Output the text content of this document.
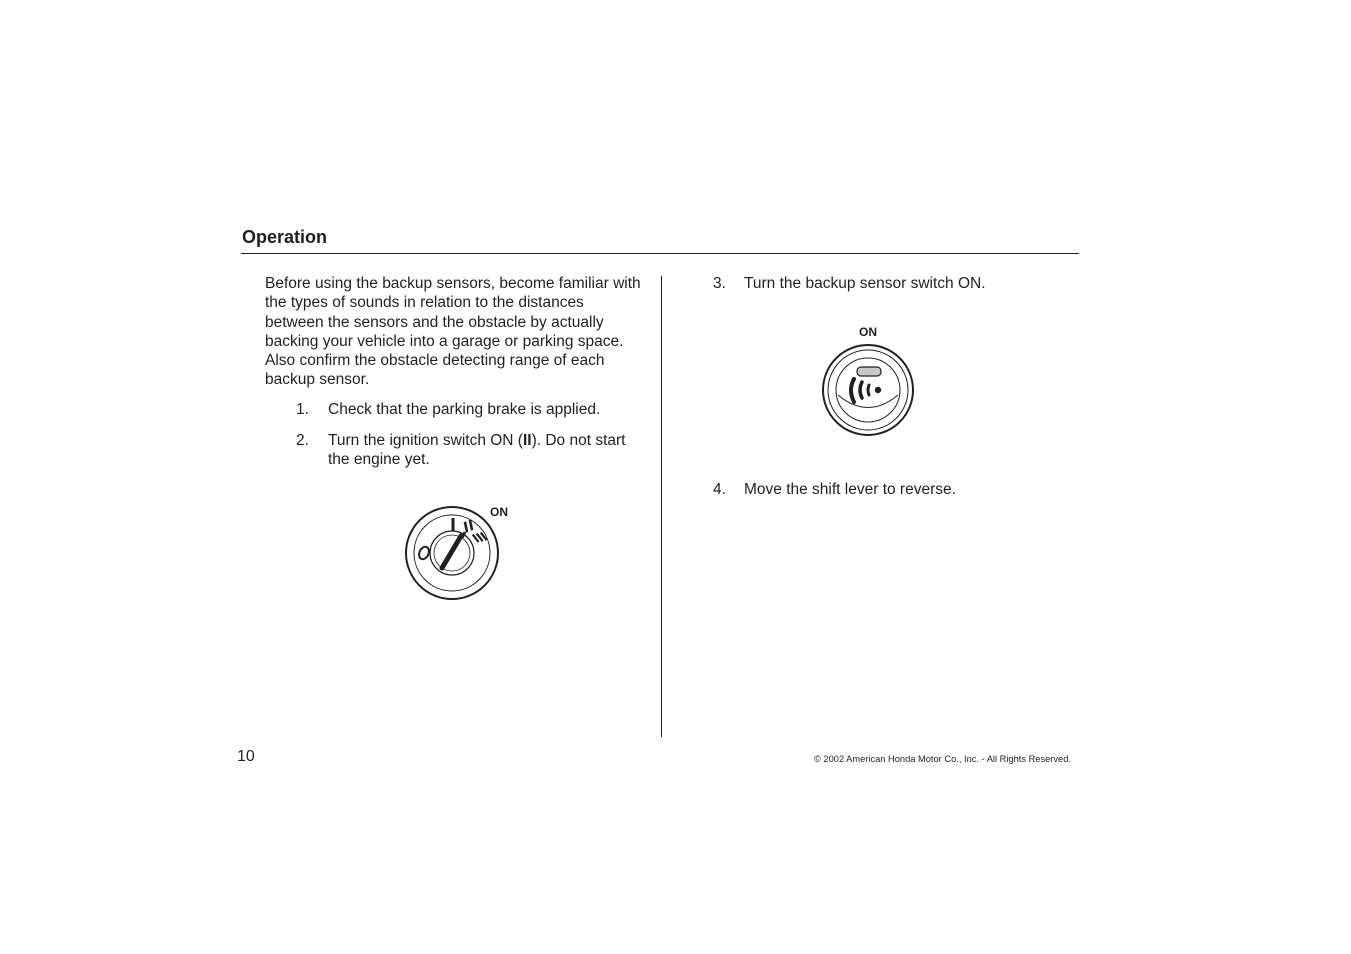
Operation

Before using the backup sensors, become familiar with the types of sounds in relation to the distances between the sensors and the obstacle by actually backing your vehicle into a garage or parking space. Also confirm the obstacle detecting range of each backup sensor.

1. Check that the parking brake is applied.
2. Turn the ignition switch ON (II). Do not start the engine yet.
ON
3. Turn the backup sensor switch ON.
ON
4. Move the shift lever to reverse.
10	© 2002 American Honda Motor Co., Inc. - All Rights Reserved.
